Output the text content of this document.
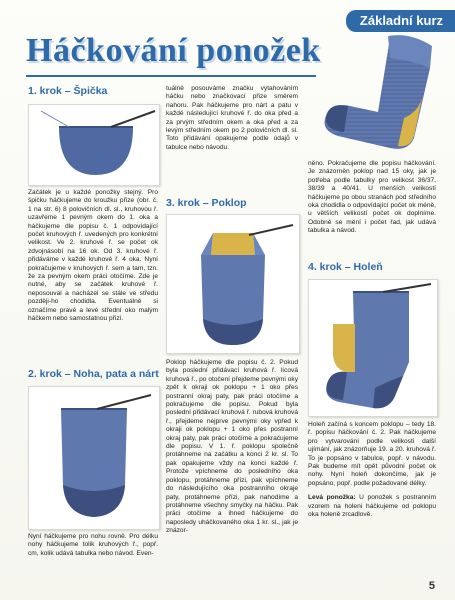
Základní kurz
Háčkování ponožek
1. krok – Špička
Začátek je u každé ponožky stejný. Pro špičku háčkujeme do kroužku přize (obr. č. 1 na str. 6) 8 polovičních dl. sl., kruhovou ř. uzavřeme 1 pevným okem do 1. oka a háčkujeme dle popisu č. 1 odpovídající počet kruhových ř. uvedených pro konkrétní velikost. Ve 2. kruhové ř. se počet ok zdvojnásobí na 16 ok. Od 3. kruhové ř. přidáváme v každé kruhové ř. 4 oka. Nyní pokračujeme v kruhových ř. sem a tam, tzn. že za pevným okem práci otočíme. Zde je nutné, aby se začátek kruhové ř. neposouval a nacházel se stále ve středu později-ho chodidla. Eventuálně si označíme pravé a levé střední oko malým háčkem nebo samostatnou přizí.
2. krok – Noha, pata a nárt
Nyní háčkujeme pro nohu rovně. Pro délku nohy háčkujeme tolik kruhových ř., popř. cm, kolik udává tabulka nebo návod. Even-
tuálně posouváme značku vytahováním háčku nebo značkovací přize směrem nahoru. Pak háčkujeme pro nárt a patu v každé následující kruhové ř. do oka před a za prvým středním okem a oka před a za levým středním okem po 2 polovičních dl. sl. Toto přidávání opakujeme podle údajů v tabulce nebo návodu.
3. krok – Poklop
Poklop háčkujeme dle popisu č. 2. Pokud byla poslední přidávací kruhová ř. lícová kruhová ř., po otočení přejdeme pevnými oky zpět k okraji ok poklopu + 1 oko přes postranní okraj paty, pak práci otočíme a pokračujeme dle popisu. Pokud byla poslední přidávací kruhová ř. rubová kruhová ř., přejdeme nejprve pevnými oky vpřed k okraji ok poklopu + 1 oko přes postranní okraj paty, pak práci otočíme a pokračujeme dle popisu. V 1. ř. poklopu společně protáhneme na začátku a konci 2 kr. sl. To pak opakujeme vždy na konci každé ř. Protože vpíchneme do posledního oka poklopu, protáhneme přízi, pak vpíchneme do následujícího oka postranního okraje paty, protáhneme přízi, pak nahodíme a protáhneme všechny smyčky na háčku. Pak práci otočíme a ihned háčkujeme do naposledy uháčkovaného oka 1 kr. sl., jak je znázor-
něno. Pokračujeme dle popisu háčkování. Je znázorněn poklop nad 15 oky, jak je potřeba podle tabulky pro velikost 36/37, 38/39 a 40/41. U menších velikostí háčkujeme po obou stranách pod středního oka chodidla o odpovídající počet ok méně, u větších velikostí počet ok doplníme. Odobně se mění i počet řad, jak udává tabulka a návod.
4. krok – Holeň

Holeň začíná s koncem poklopu – tedy 18. ř. popisu háčkování č. 2. Pak háčkujeme pro vytvarování podle velikosti další ujímání, jak znázorňuje 19. a 20. kruhová ř. To je popsáno v tabulce, popř. v návodu. Pak budeme mít opět původní počet ok nohy. Nyní holeň dokončíme, jak je popsáno, popř. podle požadované délky.

Levá ponožka: U ponožek s postranním vzorem na holeni háčkujeme od poklopu oka holeně zrcadlově.

5
